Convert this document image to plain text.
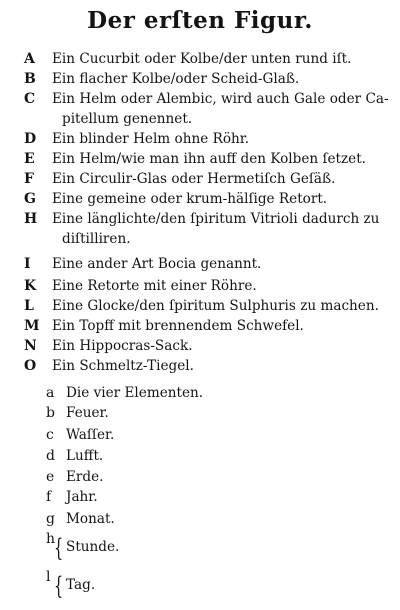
Der erſten Figur.
A Ein Cucurbit oder Kolbe/der unten rund iſt.
B Ein flacher Kolbe/oder Scheid-Glaß.
C Ein Helm oder Alembic, wird auch Gale oder Ca-
pitellum genennet.
D Ein blinder Helm ohne Röhr.
E Ein Helm/wie man ihn auff den Kolben ſetzet.
F Ein Circulir-Glas oder Hermetiſch Geſäß.
G Eine gemeine oder krum-hälſige Retort.
H Eine länglichte/den ſpiritum Vitrioli dadurch zu
diſtilliren.
I Eine ander Art Bocia genannt.
K Eine Retorte mit einer Röhre.
L Eine Glocke/den ſpiritum Sulphuris zu machen.
M Ein Topff mit brennendem Schwefel.
N Ein Hippocras-Sack.
O Ein Schmeltz-Tiegel.
a Die vier Elementen.
b Feuer.
c Waſſer.
d Lufft.
e Erde.
f Jahr.
g Monat.
h
{ Stunde.
l { Tag.
